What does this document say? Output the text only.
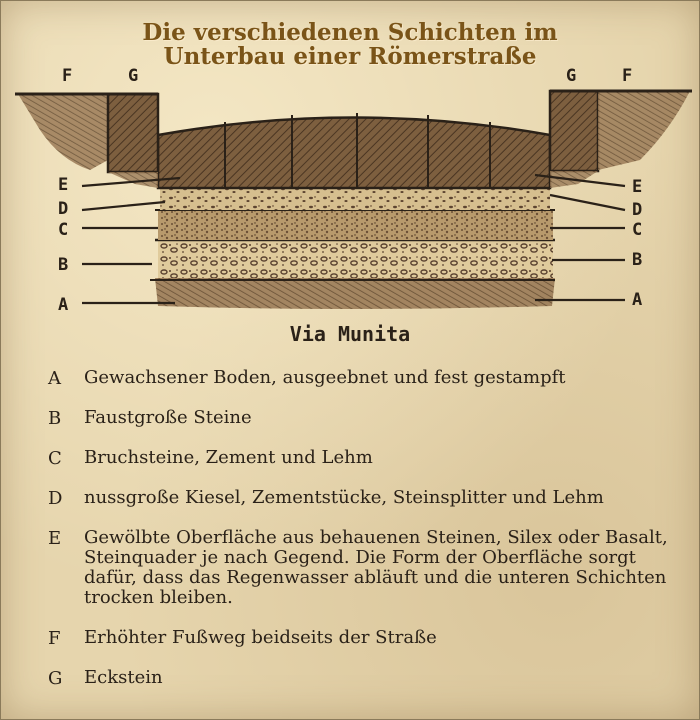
Die verschiedenen Schichten im
Unterbau einer Römerstraße
F	G	G	F
E
D
C
B
A
E
D
C
B
A
Via Munita
A Gewachsener Boden, ausgeebnet und fest gestampft
B Faustgroße Steine
C Bruchsteine, Zement und Lehm
D nussgroße Kiesel, Zementstücke, Steinsplitter und Lehm
E Gewölbte Oberfläche aus behauenen Steinen, Silex oder Basalt, Steinquader je nach Gegend. Die Form der Oberfläche sorgt dafür, dass das Regenwasser abläuft und die unteren Schichten trocken bleiben.
F Erhöhter Fußweg beidseits der Straße
G Eckstein
